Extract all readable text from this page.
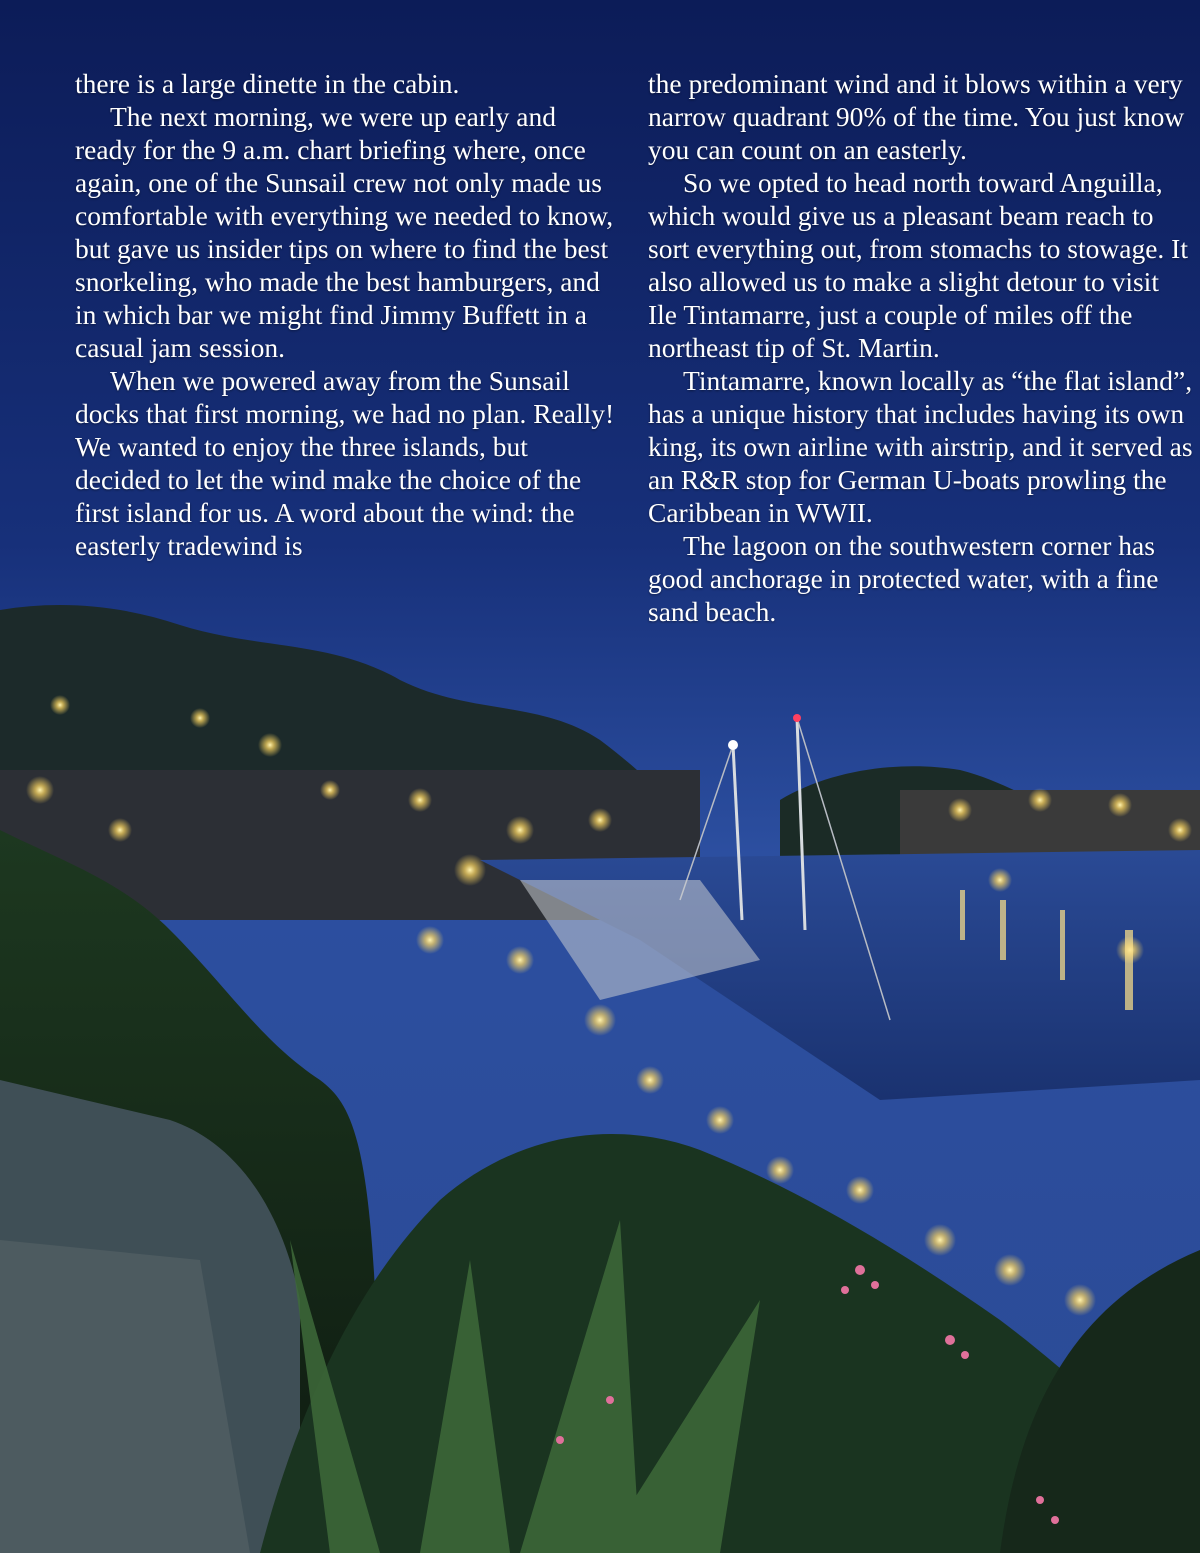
there is a large dinette in the cabin.

The next morning, we were up early and ready for the 9 a.m. chart briefing where, once again, one of the Sunsail crew not only made us comfortable with everything we needed to know, but gave us insider tips on where to find the best snorkeling, who made the best hamburgers, and in which bar we might find Jimmy Buffett in a casual jam session.

When we powered away from the Sunsail docks that first morning, we had no plan. Really! We wanted to enjoy the three islands, but decided to let the wind make the choice of the first island for us. A word about the wind: the easterly tradewind is

the predominant wind and it blows within a very narrow quadrant 90% of the time. You just know you can count on an easterly.

So we opted to head north toward Anguilla, which would give us a pleasant beam reach to sort everything out, from stomachs to stowage. It also allowed us to make a slight detour to visit Ile Tintamarre, just a couple of miles off the northeast tip of St. Martin.

Tintamarre, known locally as “the flat island”, has a unique history that includes having its own king, its own airline with airstrip, and it served as an R&R stop for German U-boats prowling the Caribbean in WWII.

The lagoon on the southwestern corner has good anchorage in protected water, with a fine sand beach.
